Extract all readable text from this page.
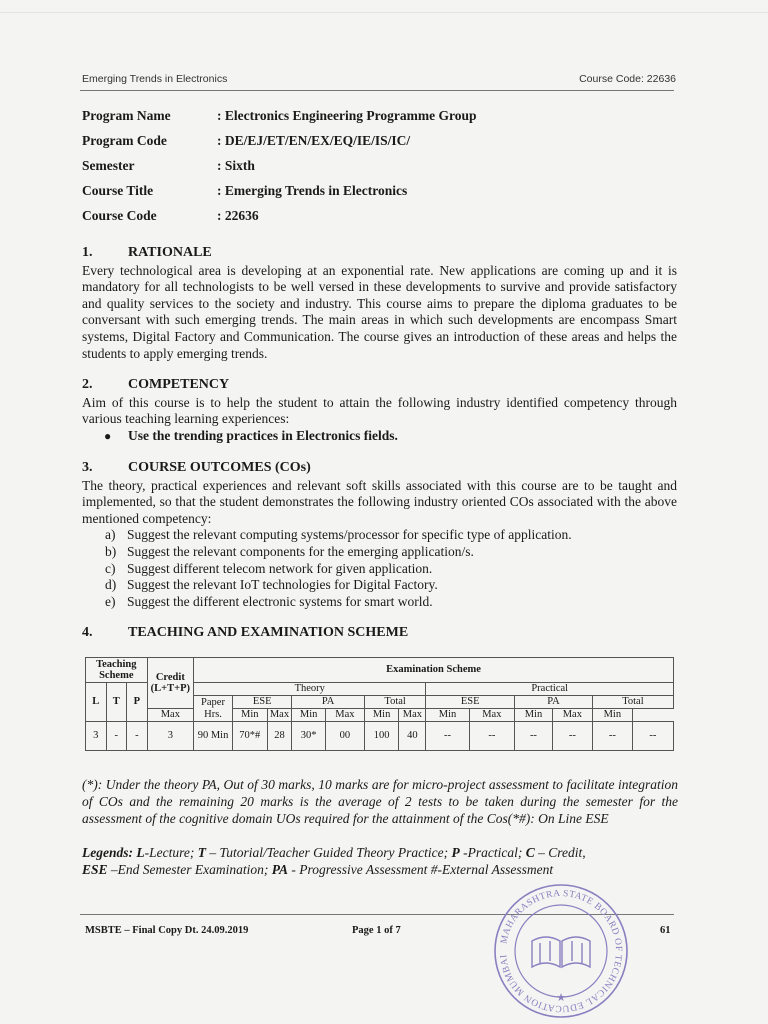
Emerging Trends in Electronics	Course Code: 22636
Program Name	: Electronics Engineering Programme Group
Program Code	: DE/EJ/ET/EN/EX/EQ/IE/IS/IC/
Semester	: Sixth
Course Title	: Emerging Trends in Electronics
Course Code	: 22636
1.	RATIONALE

Every technological area is developing at an exponential rate. New applications are coming up and it is mandatory for all technologists to be well versed in these developments to survive and provide satisfactory and quality services to the society and industry. This course aims to prepare the diploma graduates to be conversant with such emerging trends. The main areas in which such developments are encompass Smart systems, Digital Factory and Communication. The course gives an introduction of these areas and helps the students to apply emerging trends.

2.	COMPETENCY

Aim of this course is to help the student to attain the following industry identified competency through various teaching learning experiences:

●	Use the trending practices in Electronics fields.
3.	COURSE OUTCOMES (COs)

The theory, practical experiences and relevant soft skills associated with this course are to be taught and implemented, so that the student demonstrates the following industry oriented COs associated with the above mentioned competency:

a) Suggest the relevant computing systems/processor for specific type of application.
b) Suggest the relevant components for the emerging application/s.
c) Suggest different telecom network for given application.
d) Suggest the relevant IoT technologies for Digital Factory.
e) Suggest the different electronic systems for smart world.
4.	TEACHING AND EXAMINATION SCHEME
Teaching Scheme			Credit (L+T+P)	Examination Scheme												
L	T	P		Theory							Practical					
				Paper Hrs.	ESE		PA		Total		ESE		PA		Total	
			Max		Min	Max	Min	Max	Min	Max	Min	Max	Min	Max	Min	
3	-	-	3	90 Min	70*#	28	30*	00	100	40	--	--	--	--	--	--
(*): Under the theory PA, Out of 30 marks, 10 marks are for micro-project assessment to facilitate integration of COs and the remaining 20 marks is the average of 2 tests to be taken during the semester for the assessment of the cognitive domain UOs required for the attainment of the Cos(*#): On Line ESE
Legends: L-Lecture; T – Tutorial/Teacher Guided Theory Practice; P -Practical; C – Credit,
ESE –End Semester Examination; PA - Progressive Assessment #-External Assessment
MSBTE – Final Copy Dt. 24.09.2019	Page 1 of 7	61
MAHARASHTRA STATE BOARD OF TECHNICAL EDUCATION MUMBAI
★
